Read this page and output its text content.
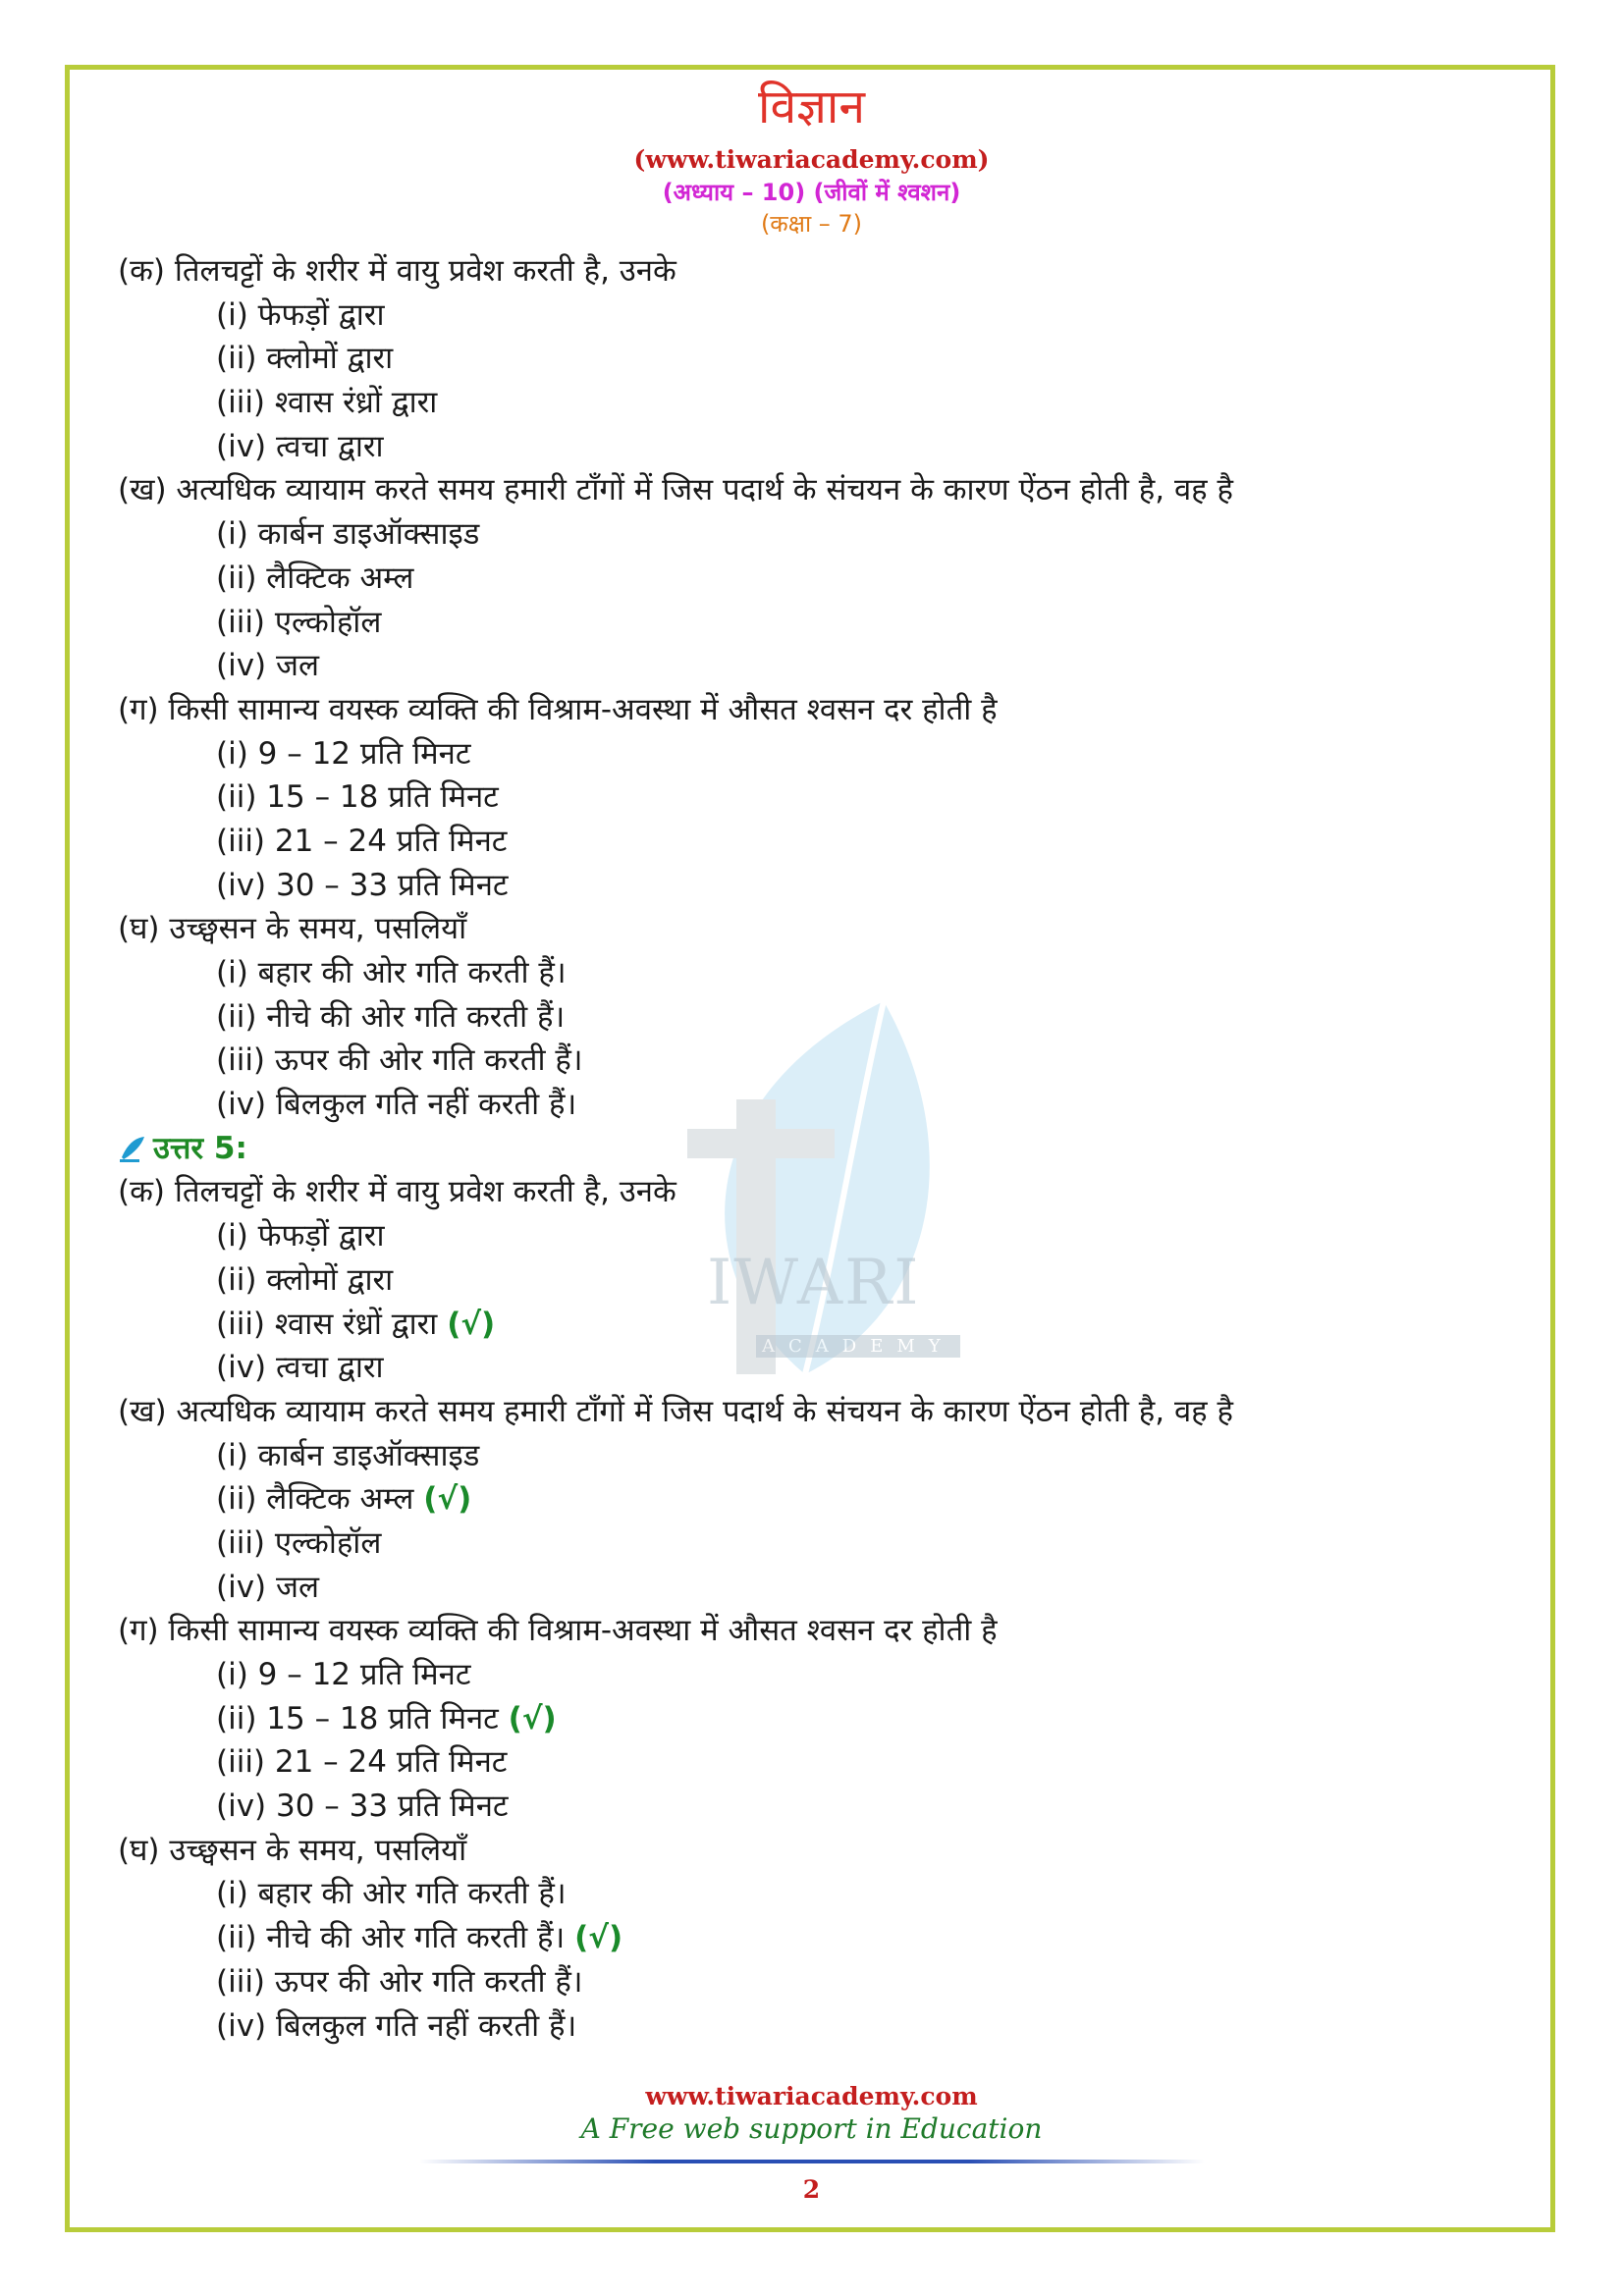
विज्ञान
(www.tiwariacademy.com)
(अध्याय – 10) (जीवों में श्वशन)
(कक्षा – 7)
IWARI
ACADEMY
(क) तिलचट्टों के शरीर में वायु प्रवेश करती है, उनके
(i) फेफड़ों द्वारा
(ii) क्लोमों द्वारा
(iii) श्वास रंध्रों द्वारा
(iv) त्वचा द्वारा
(ख) अत्यधिक व्यायाम करते समय हमारी टाँगों में जिस पदार्थ के संचयन के कारण ऐंठन होती है, वह है
(i) कार्बन डाइऑक्साइड
(ii) लैक्टिक अम्ल
(iii) एल्कोहॉल
(iv) जल
(ग) किसी सामान्य वयस्क व्यक्ति की विश्राम-अवस्था में औसत श्वसन दर होती है
(i) 9 – 12 प्रति मिनट
(ii) 15 – 18 प्रति मिनट
(iii) 21 – 24 प्रति मिनट
(iv) 30 – 33 प्रति मिनट
(घ) उच्छ्वसन के समय, पसलियाँ
(i) बहार की ओर गति करती हैं।
(ii) नीचे की ओर गति करती हैं।
(iii) ऊपर की ओर गति करती हैं।
(iv) बिलकुल गति नहीं करती हैं।
उत्तर 5:
(क) तिलचट्टों के शरीर में वायु प्रवेश करती है, उनके
(i) फेफड़ों द्वारा
(ii) क्लोमों द्वारा
(iii) श्वास रंध्रों द्वारा (√)
(iv) त्वचा द्वारा
(ख) अत्यधिक व्यायाम करते समय हमारी टाँगों में जिस पदार्थ के संचयन के कारण ऐंठन होती है, वह है
(i) कार्बन डाइऑक्साइड
(ii) लैक्टिक अम्ल (√)
(iii) एल्कोहॉल
(iv) जल
(ग) किसी सामान्य वयस्क व्यक्ति की विश्राम-अवस्था में औसत श्वसन दर होती है
(i) 9 – 12 प्रति मिनट
(ii) 15 – 18 प्रति मिनट (√)
(iii) 21 – 24 प्रति मिनट
(iv) 30 – 33 प्रति मिनट
(घ) उच्छ्वसन के समय, पसलियाँ
(i) बहार की ओर गति करती हैं।
(ii) नीचे की ओर गति करती हैं। (√)
(iii) ऊपर की ओर गति करती हैं।
(iv) बिलकुल गति नहीं करती हैं।
www.tiwariacademy.com
A Free web support in Education
2
